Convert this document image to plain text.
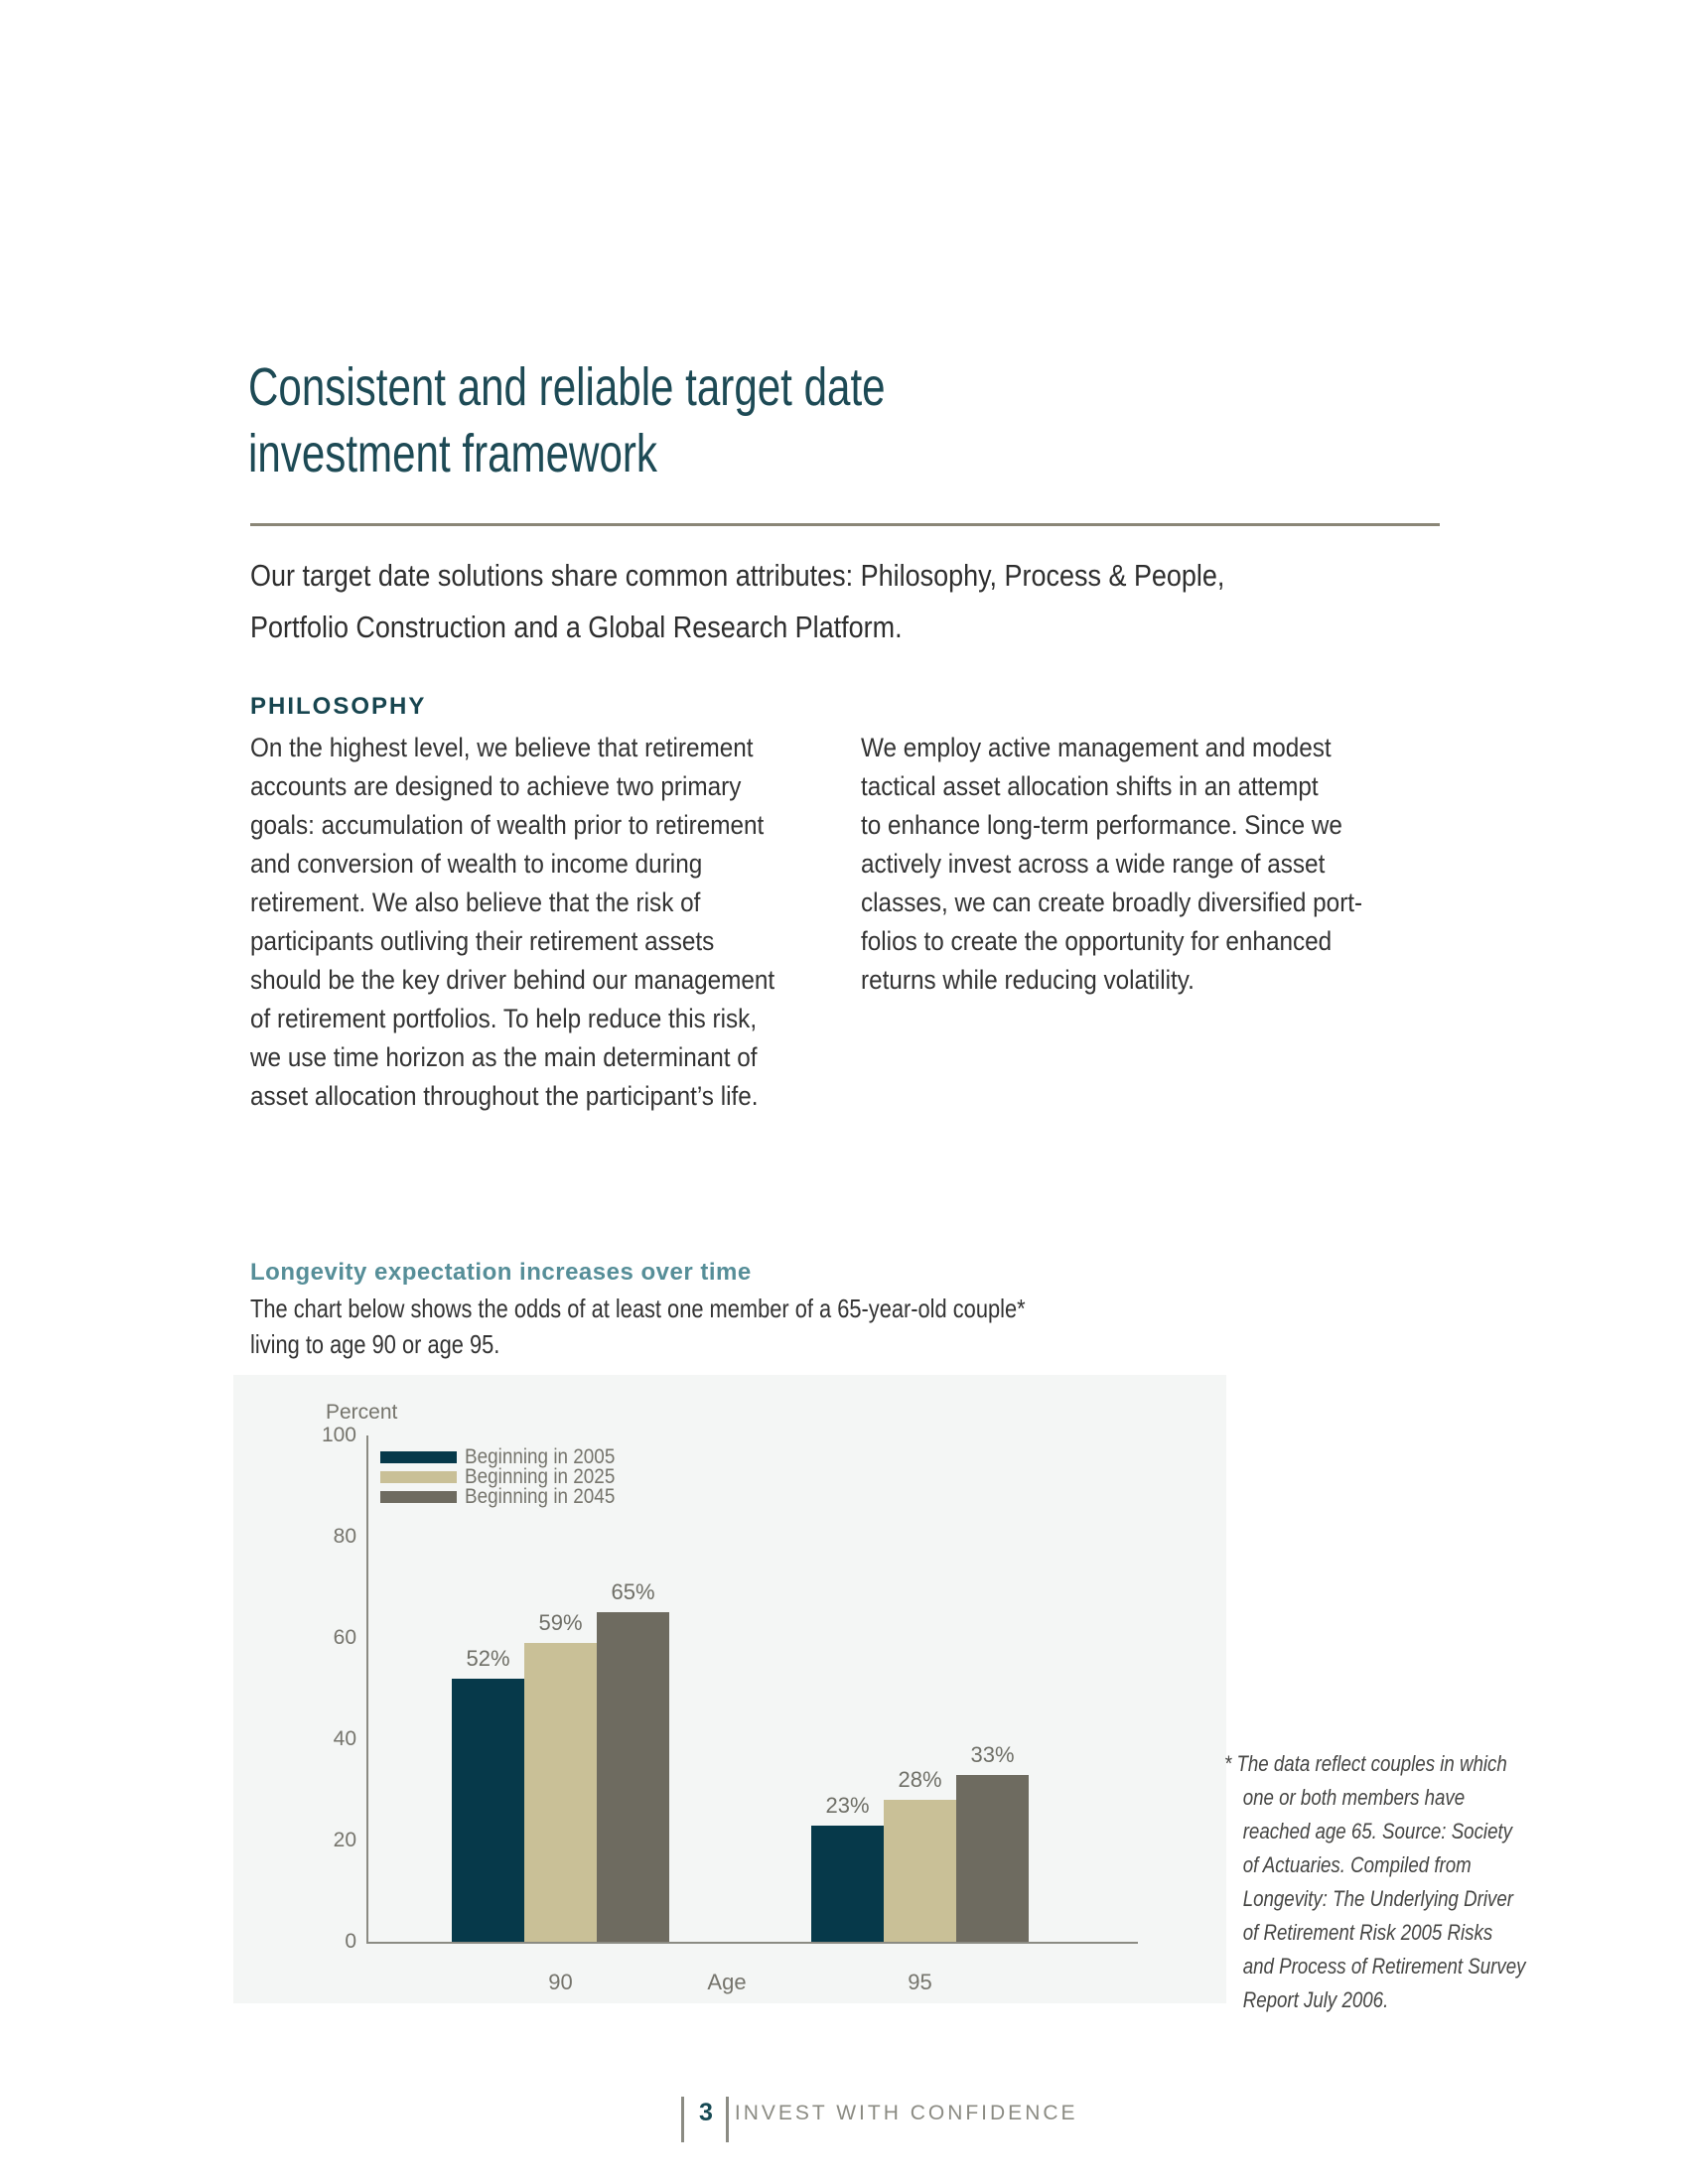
Consistent and reliable target date
investment framework
Our target date solutions share common attributes: Philosophy, Process & People,
Portfolio Construction and a Global Research Platform.
PHILOSOPHY
On the highest level, we believe that retirement
accounts are designed to achieve two primary
goals: accumulation of wealth prior to retirement
and conversion of wealth to income during
retirement. We also believe that the risk of
participants outliving their retirement assets
should be the key driver behind our management
of retirement portfolios. To help reduce this risk,
we use time horizon as the main determinant of
asset allocation throughout the participant’s life.
We employ active management and modest
tactical asset allocation shifts in an attempt
to enhance long-term performance. Since we
actively invest across a wide range of asset
classes, we can create broadly diversified port-
folios to create the opportunity for enhanced
returns while reducing volatility.
Longevity expectation increases over time
The chart below shows the odds of at least one member of a 65-year-old couple*
living to age 90 or age 95.
Percent
0
20
40
60
80
100
Beginning in 2005
Beginning in 2025
Beginning in 2045
52%
59%
65%
90
23%
28%
33%
95
Age
* The data reflect couples in which
one or both members have
reached age 65. Source: Society
of Actuaries. Compiled from
Longevity: The Underlying Driver
of Retirement Risk 2005 Risks
and Process of Retirement Survey
Report July 2006.
3 INVEST WITH CONFIDENCE
